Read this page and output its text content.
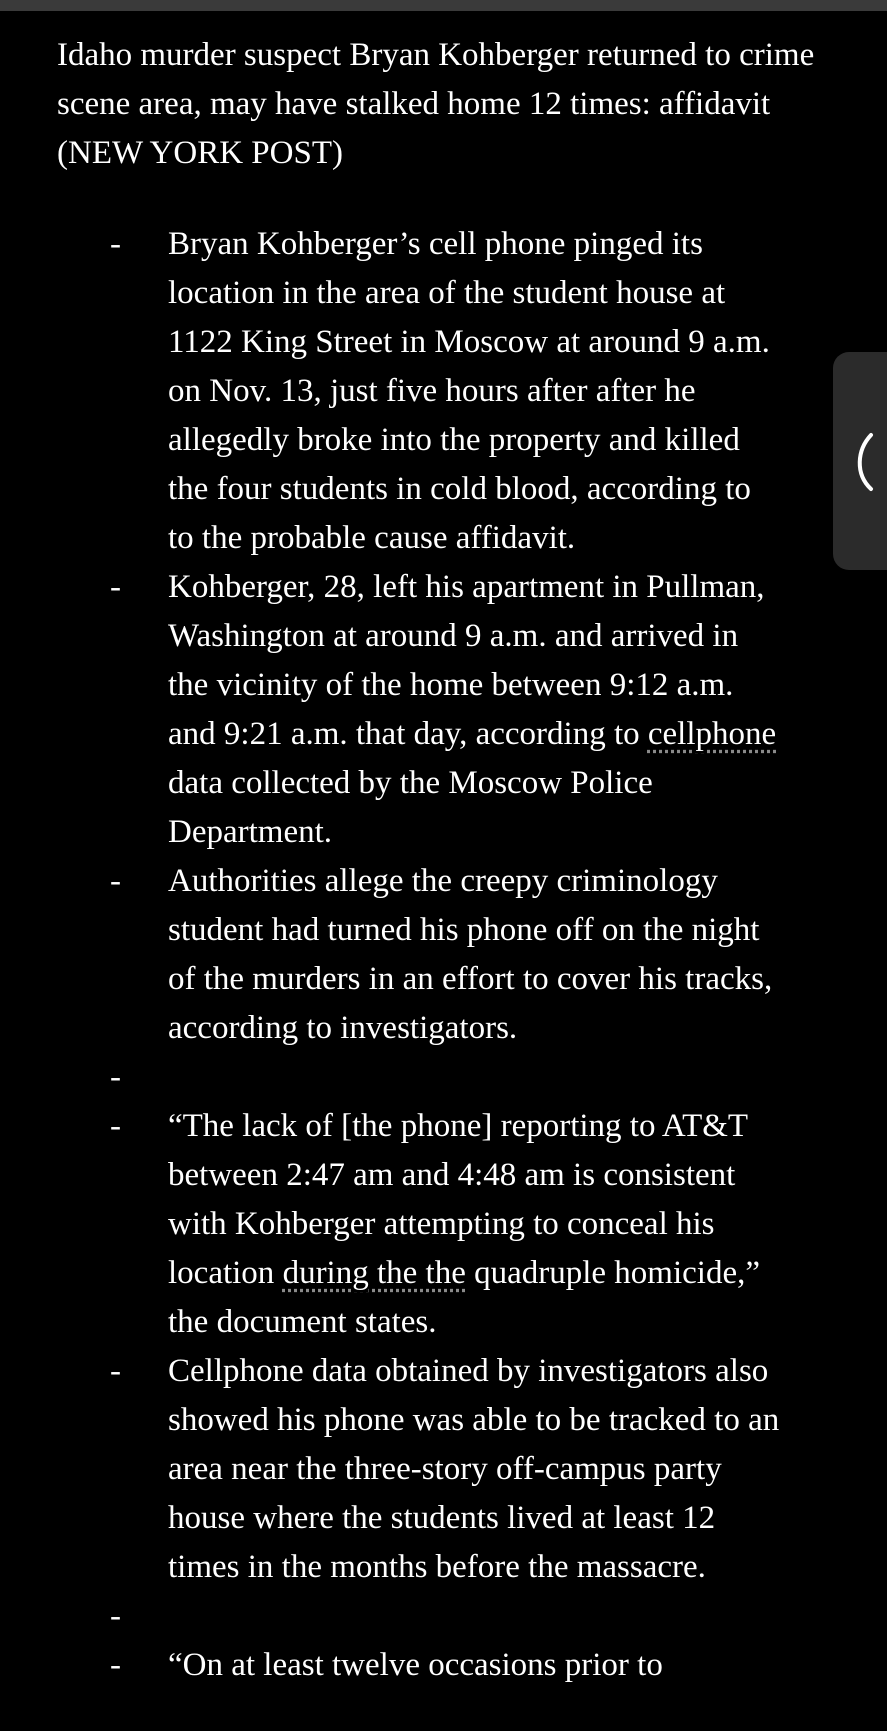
Idaho murder suspect Bryan Kohberger returned to crime scene area, may have stalked home 12 times: affidavit (NEW YORK POST)
- Bryan Kohberger’s cell phone pinged its location in the area of the student house at 1122 King Street in Moscow at around 9 a.m. on Nov. 13, just five hours after after he allegedly broke into the property and killed the four students in cold blood, according to to the probable cause affidavit.
- Kohberger, 28, left his apartment in Pullman, Washington at around 9 a.m. and arrived in the vicinity of the home between 9:12 a.m. and 9:21 a.m. that day, according to cellphone data collected by the Moscow Police Department.
- Authorities allege the creepy criminology student had turned his phone off on the night of the murders in an effort to cover his tracks, according to investigators.
-

- “The lack of [the phone] reporting to AT&T between 2:47 am and 4:48 am is consistent with Kohberger attempting to conceal his location during the the quadruple homicide,” the document states.
- Cellphone data obtained by investigators also showed his phone was able to be tracked to an area near the three-story off-campus party house where the students lived at least 12 times in the months before the massacre.
-

- “On at least twelve occasions prior to
